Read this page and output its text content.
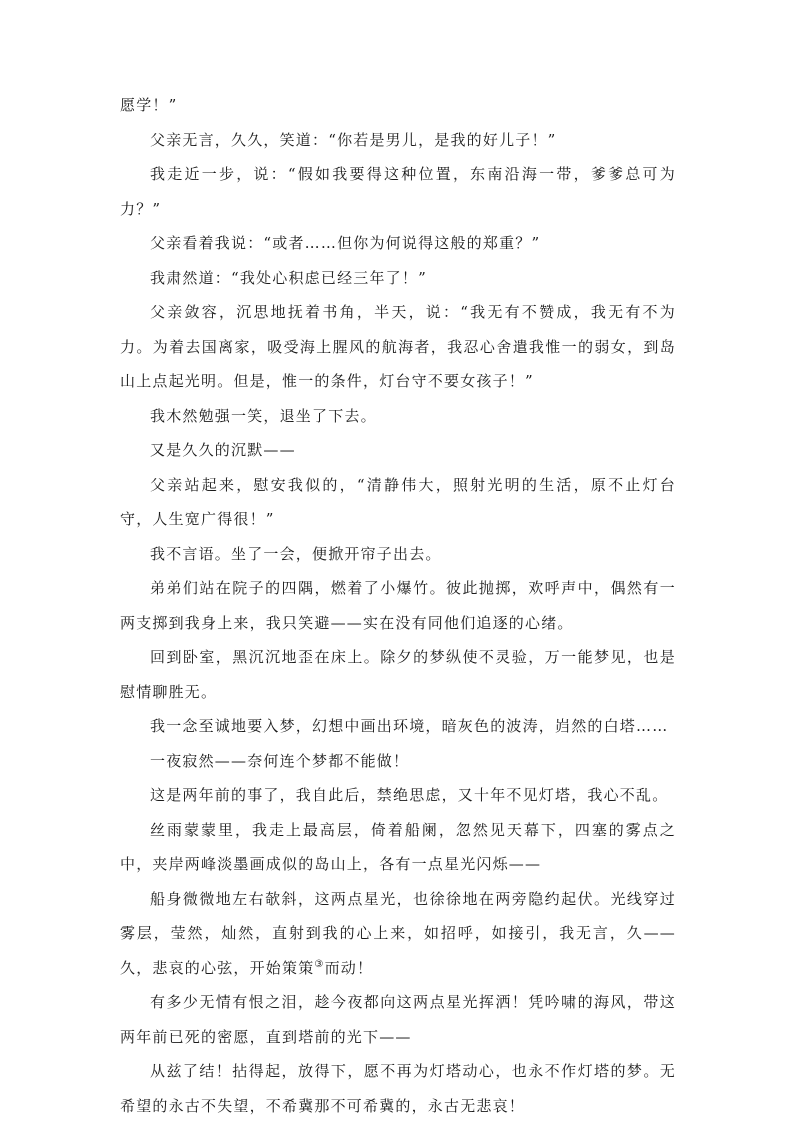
愿学！”

父亲无言，久久，笑道：“你若是男儿，是我的好儿子！”

我走近一步，说：“假如我要得这种位置，东南沿海一带，爹爹总可为力？”

父亲看着我说：“或者……但你为何说得这般的郑重？”

我肃然道：“我处心积虑已经三年了！”

父亲敛容，沉思地抚着书角，半天，说：“我无有不赞成，我无有不为力。为着去国离家，吸受海上腥风的航海者，我忍心舍遣我惟一的弱女，到岛山上点起光明。但是，惟一的条件，灯台守不要女孩子！”

我木然勉强一笑，退坐了下去。

又是久久的沉默——

父亲站起来，慰安我似的，“清静伟大，照射光明的生活，原不止灯台守，人生宽广得很！”

我不言语。坐了一会，便掀开帘子出去。

弟弟们站在院子的四隅，燃着了小爆竹。彼此抛掷，欢呼声中，偶然有一两支掷到我身上来，我只笑避——实在没有同他们追逐的心绪。

回到卧室，黑沉沉地歪在床上。除夕的梦纵使不灵验，万一能梦见，也是慰情聊胜无。

我一念至诚地要入梦，幻想中画出环境，暗灰色的波涛，岿然的白塔……

一夜寂然——奈何连个梦都不能做！

这是两年前的事了，我自此后，禁绝思虑，又十年不见灯塔，我心不乱。

丝雨蒙蒙里，我走上最高层，倚着船阑，忽然见天幕下，四塞的雾点之中，夹岸两峰淡墨画成似的岛山上，各有一点星光闪烁——

船身微微地左右欹斜，这两点星光，也徐徐地在两旁隐约起伏。光线穿过雾层，莹然，灿然，直射到我的心上来，如招呼，如接引，我无言，久——久，悲哀的心弦，开始策策③而动！

有多少无情有恨之泪，趁今夜都向这两点星光挥洒！凭吟啸的海风，带这两年前已死的密愿，直到塔前的光下——

从兹了结！拈得起，放得下，愿不再为灯塔动心，也永不作灯塔的梦。无希望的永古不失望，不希冀那不可希冀的，永古无悲哀！
